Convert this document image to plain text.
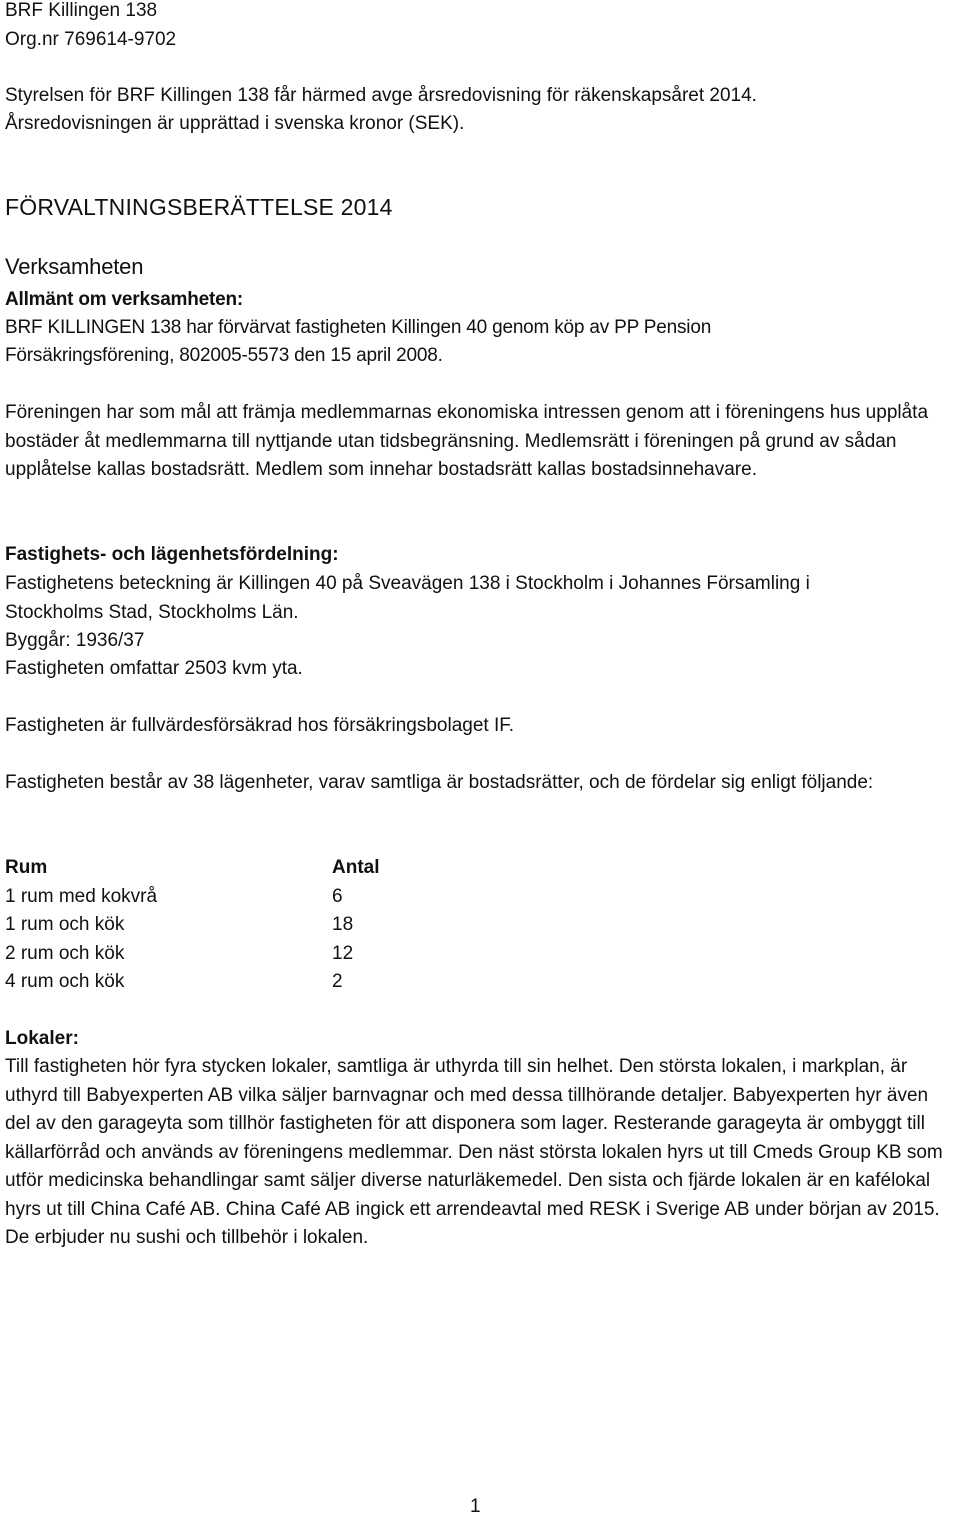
BRF Killingen 138

Org.nr 769614-9702

Styrelsen för BRF Killingen 138 får härmed avge årsredovisning för räkenskapsåret 2014.

Årsredovisningen är upprättad i svenska kronor (SEK).

FÖRVALTNINGSBERÄTTELSE 2014

Verksamheten

Allmänt om verksamheten:

BRF KILLINGEN 138 har förvärvat fastigheten Killingen 40 genom köp av PP Pension

Försäkringsförening, 802005-5573 den 15 april 2008.

Föreningen har som mål att främja medlemmarnas ekonomiska intressen genom att i föreningens hus upplåta bostäder åt medlemmarna till nyttjande utan tidsbegränsning. Medlemsrätt i föreningen på grund av sådan upplåtelse kallas bostadsrätt. Medlem som innehar bostadsrätt kallas bostadsinnehavare.

Fastighets- och lägenhetsfördelning:

Fastighetens beteckning är Killingen 40 på Sveavägen 138 i Stockholm i Johannes Församling i Stockholms Stad, Stockholms Län.

Byggår: 1936/37

Fastigheten omfattar 2503 kvm yta.

Fastigheten är fullvärdesförsäkrad hos försäkringsbolaget IF.

Fastigheten består av 38 lägenheter, varav samtliga är bostadsrätter, och de fördelar sig enligt följande:

Rum	Antal
1 rum med kokvrå	6
1 rum och kök	18
2 rum och kök	12
4 rum och kök	2

Lokaler:

Till fastigheten hör fyra stycken lokaler, samtliga är uthyrda till sin helhet. Den största lokalen, i markplan, är uthyrd till Babyexperten AB vilka säljer barnvagnar och med dessa tillhörande detaljer. Babyexperten hyr även del av den garageyta som tillhör fastigheten för att disponera som lager. Resterande garageyta är ombyggt till källarförråd och används av föreningens medlemmar. Den näst största lokalen hyrs ut till Cmeds Group KB som utför medicinska behandlingar samt säljer diverse naturläkemedel. Den sista och fjärde lokalen är en kafélokal hyrs ut till China Café AB. China Café AB ingick ett arrendeavtal med RESK i Sverige AB under början av 2015. De erbjuder nu sushi och tillbehör i lokalen.

1
